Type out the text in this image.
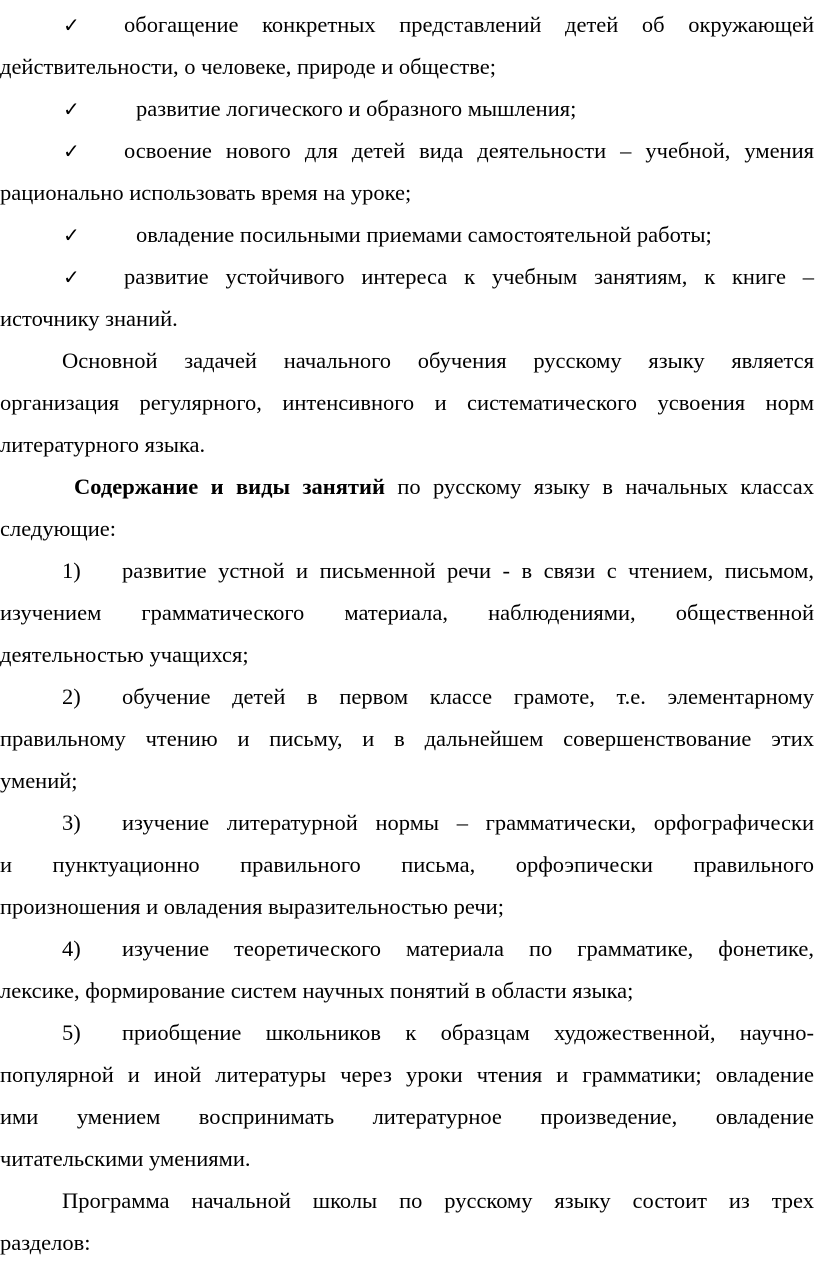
✓ обогащение конкретных представлений детей об окружающей
действительности, о человеке, природе и обществе;
✓ развитие логического и образного мышления;
✓ освоение нового для детей вида деятельности – учебной, умения
рационально использовать время на уроке;
✓ овладение посильными приемами самостоятельной работы;
✓ развитие устойчивого интереса к учебным занятиям, к книге –
источнику знаний.
Основной задачей начального обучения русскому языку является
организация регулярного, интенсивного и систематического усвоения норм
литературного языка.
Содержание и виды занятий по русскому языку в начальных классах
следующие:
1) развитие устной и письменной речи - в связи с чтением, письмом,
изучением грамматического материала, наблюдениями, общественной
деятельностью учащихся;
2) обучение детей в первом классе грамоте, т.е. элементарному
правильному чтению и письму, и в дальнейшем совершенствование этих
умений;
3) изучение литературной нормы – грамматически, орфографически
и пунктуационно правильного письма, орфоэпически правильного
произношения и овладения выразительностью речи;
4) изучение теоретического материала по грамматике, фонетике,
лексике, формирование систем научных понятий в области языка;
5) приобщение школьников к образцам художественной, научно-
популярной и иной литературы через уроки чтения и грамматики; овладение
ими умением воспринимать литературное произведение, овладение
читательскими умениями.
Программа начальной школы по русскому языку состоит из трех
разделов:
